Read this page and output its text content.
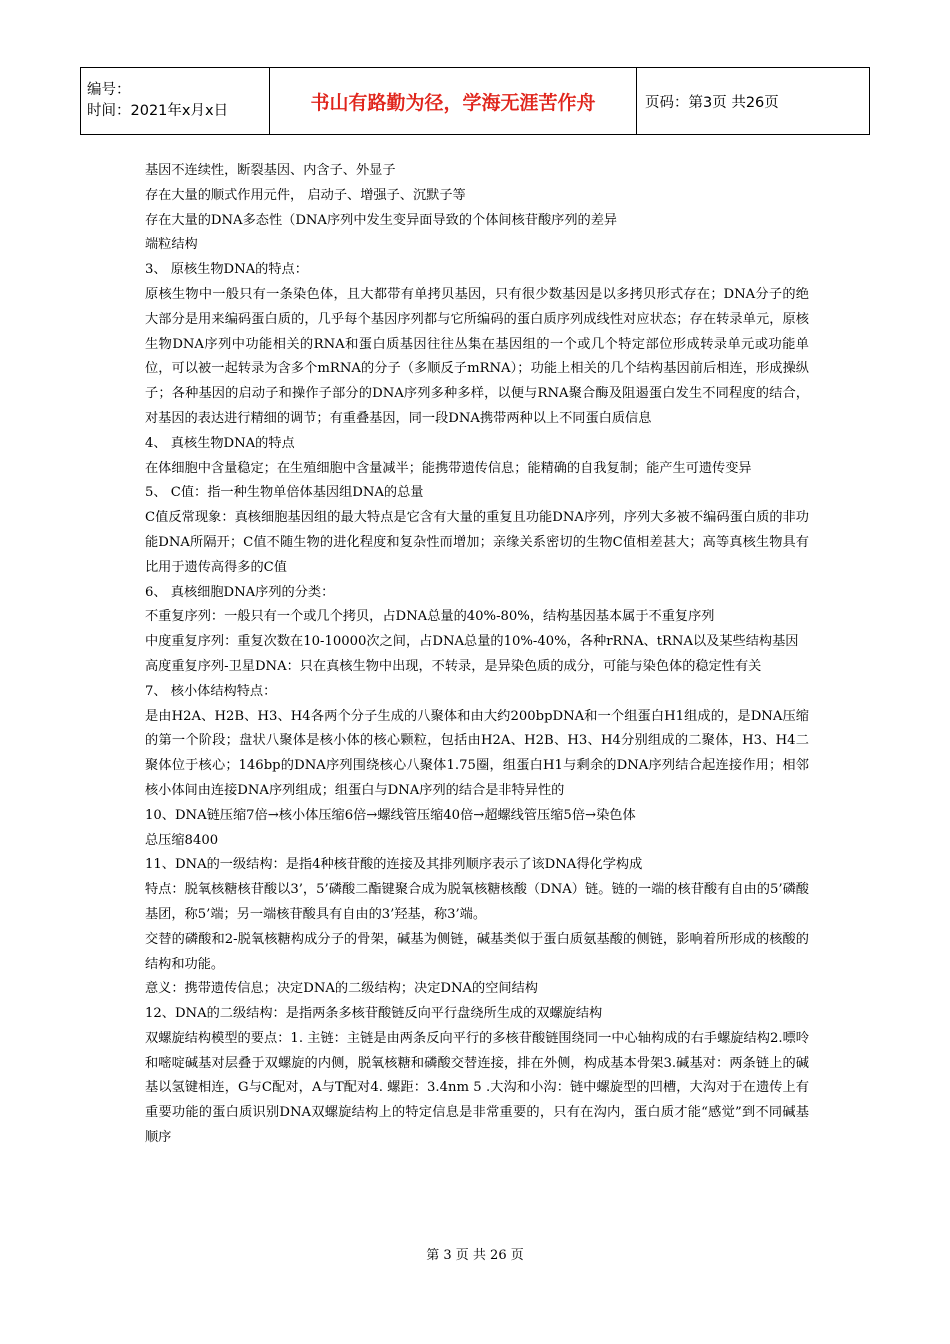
编号：
时间：2021年x月x日	书山有路勤为径，学海无涯苦作舟	页码：第3页 共26页

基因不连续性，断裂基因、内含子、外显子

存在大量的顺式作用元件， 启动子、增强子、沉默子等

存在大量的DNA多态性（DNA序列中发生变异面导致的个体间核苷酸序列的差异

端粒结构

3、 原核生物DNA的特点：

原核生物中一般只有一条染色体，且大都带有单拷贝基因，只有很少数基因是以多拷贝形式存在；DNA分子的绝大部分是用来编码蛋白质的，几乎每个基因序列都与它所编码的蛋白质序列成线性对应状态；存在转录单元，原核生物DNA序列中功能相关的RNA和蛋白质基因往往丛集在基因组的一个或几个特定部位形成转录单元或功能单位，可以被一起转录为含多个mRNA的分子（多顺反子mRNA）；功能上相关的几个结构基因前后相连，形成操纵子；各种基因的启动子和操作子部分的DNA序列多种多样，以便与RNA聚合酶及阻遏蛋白发生不同程度的结合，对基因的表达进行精细的调节；有重叠基因，同一段DNA携带两种以上不同蛋白质信息

4、 真核生物DNA的特点

在体细胞中含量稳定；在生殖细胞中含量减半；能携带遗传信息；能精确的自我复制；能产生可遗传变异

5、 C值：指一种生物单倍体基因组DNA的总量

C值反常现象：真核细胞基因组的最大特点是它含有大量的重复且功能DNA序列，序列大多被不编码蛋白质的非功能DNA所隔开；C值不随生物的进化程度和复杂性而增加；亲缘关系密切的生物C值相差甚大；高等真核生物具有比用于遗传高得多的C值

6、 真核细胞DNA序列的分类：

不重复序列：一般只有一个或几个拷贝，占DNA总量的40%-80%，结构基因基本属于不重复序列

中度重复序列：重复次数在10-10000次之间，占DNA总量的10%-40%，各种rRNA、tRNA以及某些结构基因

高度重复序列-卫星DNA：只在真核生物中出现，不转录，是异染色质的成分，可能与染色体的稳定性有关

7、 核小体结构特点：

是由H2A、H2B、H3、H4各两个分子生成的八聚体和由大约200bpDNA和一个组蛋白H1组成的，是DNA压缩的第一个阶段；盘状八聚体是核小体的核心颗粒，包括由H2A、H2B、H3、H4分别组成的二聚体，H3、H4二聚体位于核心；146bp的DNA序列围绕核心八聚体1.75圈，组蛋白H1与剩余的DNA序列结合起连接作用；相邻核小体间由连接DNA序列组成；组蛋白与DNA序列的结合是非特异性的

10、DNA链压缩7倍→核小体压缩6倍→螺线管压缩40倍→超螺线管压缩5倍→染色体

总压缩8400

11、DNA的一级结构：是指4种核苷酸的连接及其排列顺序表示了该DNA得化学构成

特点：脱氧核糖核苷酸以3’，5’磷酸二酯键聚合成为脱氧核糖核酸（DNA）链。链的一端的核苷酸有自由的5’磷酸基团，称5’端；另一端核苷酸具有自由的3’羟基，称3’端。

交替的磷酸和2-脱氧核糖构成分子的骨架，碱基为侧链，碱基类似于蛋白质氨基酸的侧链，影响着所形成的核酸的结构和功能。

意义：携带遗传信息；决定DNA的二级结构；决定DNA的空间结构

12、DNA的二级结构：是指两条多核苷酸链反向平行盘绕所生成的双螺旋结构

双螺旋结构模型的要点：1. 主链：主链是由两条反向平行的多核苷酸链围绕同一中心轴构成的右手螺旋结构2.嘌呤和嘧啶碱基对层叠于双螺旋的内侧，脱氧核糖和磷酸交替连接，排在外侧，构成基本骨架3.碱基对：两条链上的碱基以氢键相连，G与C配对，A与T配对4. 螺距：3.4nm 5 .大沟和小沟：链中螺旋型的凹槽，大沟对于在遗传上有重要功能的蛋白质识别DNA双螺旋结构上的特定信息是非常重要的，只有在沟内，蛋白质才能“感觉”到不同碱基顺序

第 3 页 共 26 页
